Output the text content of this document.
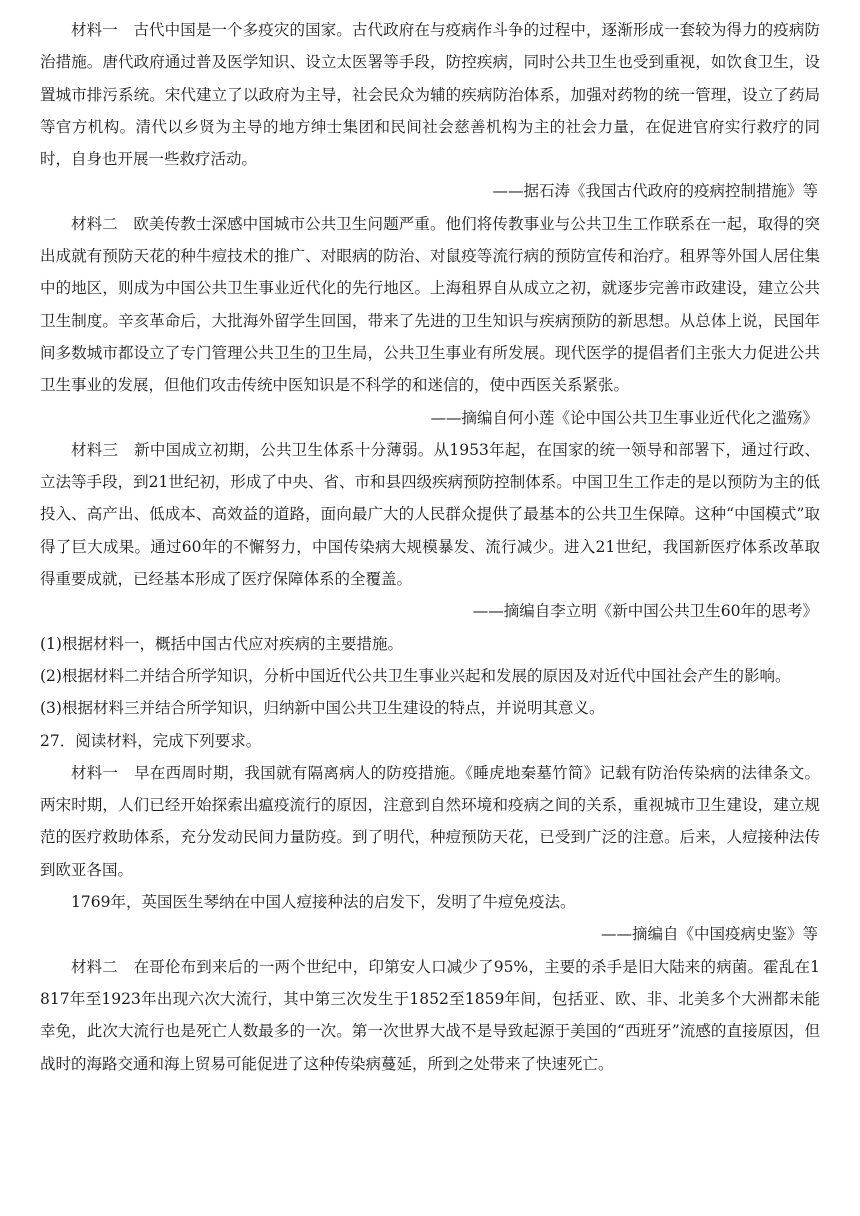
材料一　古代中国是一个多疫灾的国家。古代政府在与疫病作斗争的过程中，逐渐形成一套较为得力的疫病防治措施。唐代政府通过普及医学知识、设立太医署等手段，防控疾病，同时公共卫生也受到重视，如饮食卫生，设置城市排污系统。宋代建立了以政府为主导，社会民众为辅的疾病防治体系，加强对药物的统一管理，设立了药局等官方机构。清代以乡贤为主导的地方绅士集团和民间社会慈善机构为主的社会力量，在促进官府实行救疗的同时，自身也开展一些救疗活动。

——据石涛《我国古代政府的疫病控制措施》等

材料二　欧美传教士深感中国城市公共卫生问题严重。他们将传教事业与公共卫生工作联系在一起，取得的突出成就有预防天花的种牛痘技术的推广、对眼病的防治、对鼠疫等流行病的预防宣传和治疗。租界等外国人居住集中的地区，则成为中国公共卫生事业近代化的先行地区。上海租界自从成立之初，就逐步完善市政建设，建立公共卫生制度。辛亥革命后，大批海外留学生回国，带来了先进的卫生知识与疾病预防的新思想。从总体上说，民国年间多数城市都设立了专门管理公共卫生的卫生局，公共卫生事业有所发展。现代医学的提倡者们主张大力促进公共卫生事业的发展，但他们攻击传统中医知识是不科学的和迷信的，使中西医关系紧张。

——摘编自何小莲《论中国公共卫生事业近代化之滥殇》

材料三　新中国成立初期，公共卫生体系十分薄弱。从1953年起，在国家的统一领导和部署下，通过行政、立法等手段，到21世纪初，形成了中央、省、市和县四级疾病预防控制体系。中国卫生工作走的是以预防为主的低投入、高产出、低成本、高效益的道路，面向最广大的人民群众提供了最基本的公共卫生保障。这种“中国模式”取得了巨大成果。通过60年的不懈努力，中国传染病大规模暴发、流行减少。进入21世纪，我国新医疗体系改革取得重要成就，已经基本形成了医疗保障体系的全覆盖。

——摘编自李立明《新中国公共卫生60年的思考》

(1)根据材料一，概括中国古代应对疾病的主要措施。

(2)根据材料二并结合所学知识，分析中国近代公共卫生事业兴起和发展的原因及对近代中国社会产生的影响。

(3)根据材料三并结合所学知识，归纳新中国公共卫生建设的特点，并说明其意义。

27．阅读材料，完成下列要求。

材料一　早在西周时期，我国就有隔离病人的防疫措施。《睡虎地秦墓竹简》记载有防治传染病的法律条文。两宋时期，人们已经开始探索出瘟疫流行的原因，注意到自然环境和疫病之间的关系，重视城市卫生建设，建立规范的医疗救助体系，充分发动民间力量防疫。到了明代，种痘预防天花，已受到广泛的注意。后来，人痘接种法传到欧亚各国。

1769年，英国医生琴纳在中国人痘接种法的启发下，发明了牛痘免疫法。

——摘编自《中国疫病史鉴》等

材料二　在哥伦布到来后的一两个世纪中，印第安人口减少了95%，主要的杀手是旧大陆来的病菌。霍乱在1817年至1923年出现六次大流行，其中第三次发生于1852至1859年间，包括亚、欧、非、北美多个大洲都未能幸免，此次大流行也是死亡人数最多的一次。第一次世界大战不是导致起源于美国的“西班牙”流感的直接原因，但战时的海路交通和海上贸易可能促进了这种传染病蔓延，所到之处带来了快速死亡。
